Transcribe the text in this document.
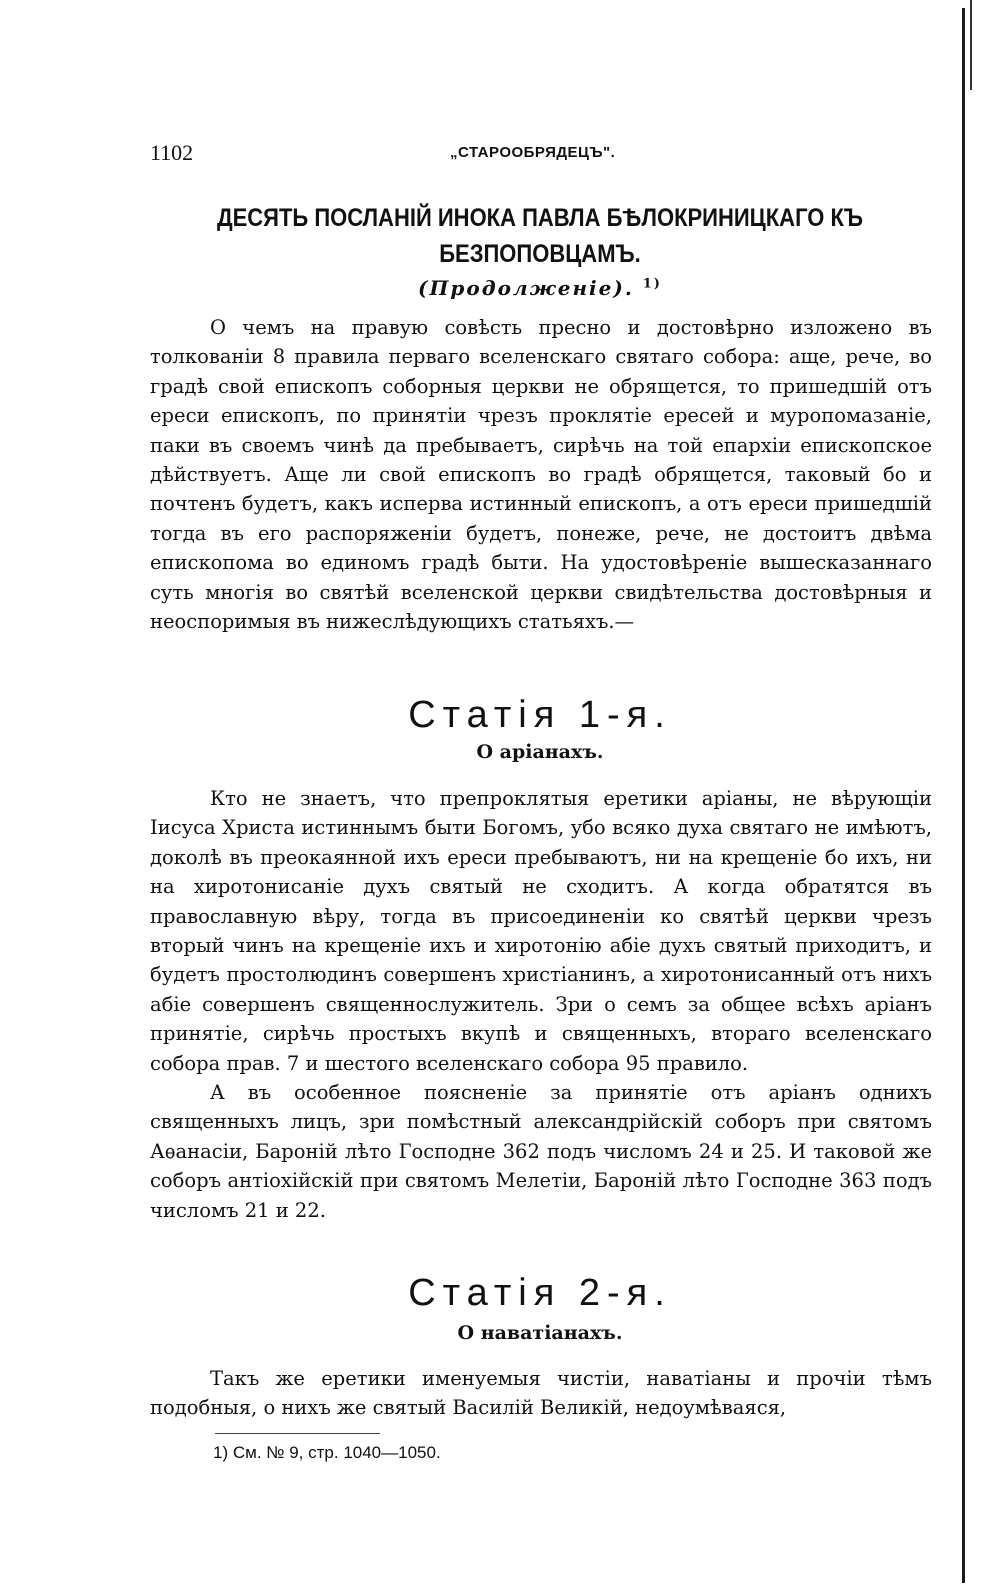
1102	„СТАРООБРЯДЕЦЪ".
ДЕСЯТЬ ПОСЛАНІЙ ИНОКА ПАВЛА БѢЛОКРИНИЦКАГО КЪ
БЕЗПОПОВЦАМЪ.
(Продолженіе). $^{1)}$

О чемъ на правую совѣсть пресно и достовѣрно изложено въ толкованіи 8 правила перваго вселенскаго святаго собора: аще, рече, во градѣ свой епископъ соборныя церкви не обрящется, то пришедшій отъ ереси епископъ, по принятіи чрезъ проклятіе ересей и муропомазаніе, паки въ своемъ чинѣ да пребываетъ, сирѣчь на той епархіи епископское дѣйствуетъ. Аще ли свой епископъ во градѣ обрящется, таковый бо и почтенъ будетъ, какъ исперва истинный епископъ, а отъ ереси пришедшій тогда въ его распоряженіи будетъ, понеже, рече, не достоитъ двѣма епископома во единомъ градѣ быти. На удостовѣреніе вышесказаннаго суть многія во святѣй вселенской церкви свидѣтельства достовѣрныя и неоспоримыя въ нижеслѣдующихъ статьяхъ.—

Статія 1-я.
О аріанахъ.

Кто не знаетъ, что препроклятыя еретики аріаны, не вѣрующіи Іисуса Христа истиннымъ быти Богомъ, убо всяко духа святаго не имѣютъ, доколѣ въ преокаянной ихъ ереси пребываютъ, ни на крещеніе бо ихъ, ни на хиротонисаніе духъ святый не сходитъ. А когда обратятся въ православную вѣру, тогда въ присоединеніи ко святѣй церкви чрезъ вторый чинъ на крещеніе ихъ и хиротонію абіе духъ святый приходитъ, и будетъ простолюдинъ совершенъ христіанинъ, а хиротонисанный отъ нихъ абіе совершенъ священнослужитель. Зри о семъ за общее всѣхъ аріанъ принятіе, сирѣчь простыхъ вкупѣ и священныхъ, втораго вселенскаго собора прав. 7 и шестого вселенскаго собора 95 правило.

А въ особенное поясненіе за принятіе отъ аріанъ однихъ священныхъ лицъ, зри помѣстный александрійскій соборъ при святомъ Аѳанасіи, Бароній лѣто Господне 362 подъ числомъ 24 и 25. И таковой же соборъ антіохійскій при святомъ Мелетіи, Бароній лѣто Господне 363 подъ числомъ 21 и 22.

Статія 2-я.
О наватіанахъ.

Такъ же еретики именуемыя чистіи, наватіаны и прочіи тѣмъ подобныя, о нихъ же святый Василій Великій, недоумѣваяся,

1) См. № 9, стр. 1040—1050.
